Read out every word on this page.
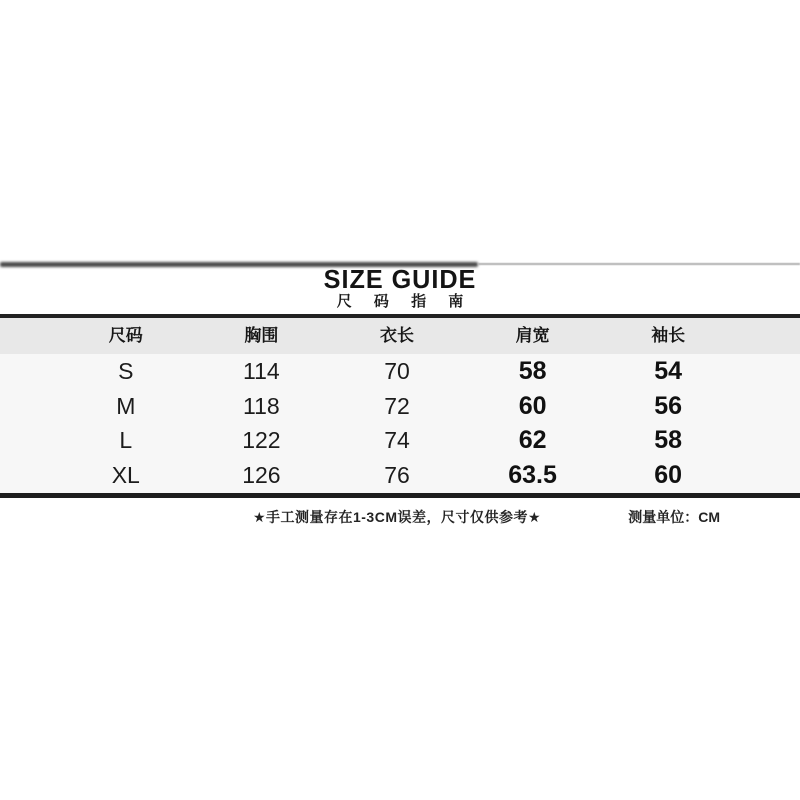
SIZE GUIDE
尺 码 指 南
尺码	胸围	衣长	肩宽	袖长
S	114	70	58	54
M	118	72	60	56
L	122	74	62	58
XL	126	76	63.5	60
★手工测量存在1-3CM误差，尺寸仅供参考★	测量单位：CM
